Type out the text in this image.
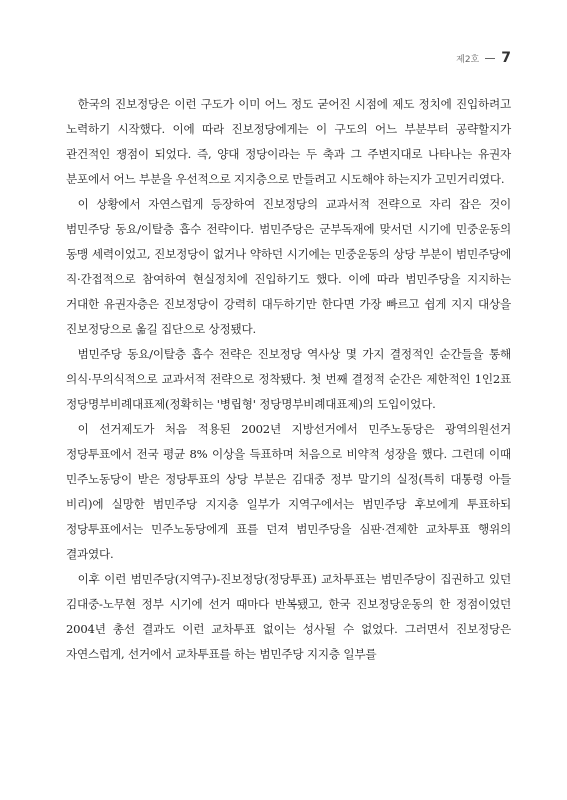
제2호 7

한국의 진보정당은 이런 구도가 이미 어느 정도 굳어진 시점에 제도 정치에 진입하려고 노력하기 시작했다. 이에 따라 진보정당에게는 이 구도의 어느 부분부터 공략할지가 관건적인 쟁점이 되었다. 즉, 양대 정당이라는 두 축과 그 주변지대로 나타나는 유권자 분포에서 어느 부분을 우선적으로 지지층으로 만들려고 시도해야 하는지가 고민거리였다.

이 상황에서 자연스럽게 등장하여 진보정당의 교과서적 전략으로 자리 잡은 것이 범민주당 동요/이탈층 흡수 전략이다. 범민주당은 군부독재에 맞서던 시기에 민중운동의 동맹 세력이었고, 진보정당이 없거나 약하던 시기에는 민중운동의 상당 부분이 범민주당에 직·간접적으로 참여하여 현실정치에 진입하기도 했다. 이에 따라 범민주당을 지지하는 거대한 유권자층은 진보정당이 강력히 대두하기만 한다면 가장 빠르고 쉽게 지지 대상을 진보정당으로 옮길 집단으로 상정됐다.

범민주당 동요/이탈층 흡수 전략은 진보정당 역사상 몇 가지 결정적인 순간들을 통해 의식·무의식적으로 교과서적 전략으로 정착됐다. 첫 번째 결정적 순간은 제한적인 1인2표 정당명부비례대표제(정확히는 '병립형' 정당명부비례대표제)의 도입이었다.

이 선거제도가 처음 적용된 2002년 지방선거에서 민주노동당은 광역의원선거 정당투표에서 전국 평균 8% 이상을 득표하며 처음으로 비약적 성장을 했다. 그런데 이때 민주노동당이 받은 정당투표의 상당 부분은 김대중 정부 말기의 실정(특히 대통령 아들 비리)에 실망한 범민주당 지지층 일부가 지역구에서는 범민주당 후보에게 투표하되 정당투표에서는 민주노동당에게 표를 던져 범민주당을 심판·견제한 교차투표 행위의 결과였다.

이후 이런 범민주당(지역구)-진보정당(정당투표) 교차투표는 범민주당이 집권하고 있던 김대중-노무현 정부 시기에 선거 때마다 반복됐고, 한국 진보정당운동의 한 정점이었던 2004년 총선 결과도 이런 교차투표 없이는 성사될 수 없었다. 그러면서 진보정당은 자연스럽게, 선거에서 교차투표를 하는 범민주당 지지층 일부를
